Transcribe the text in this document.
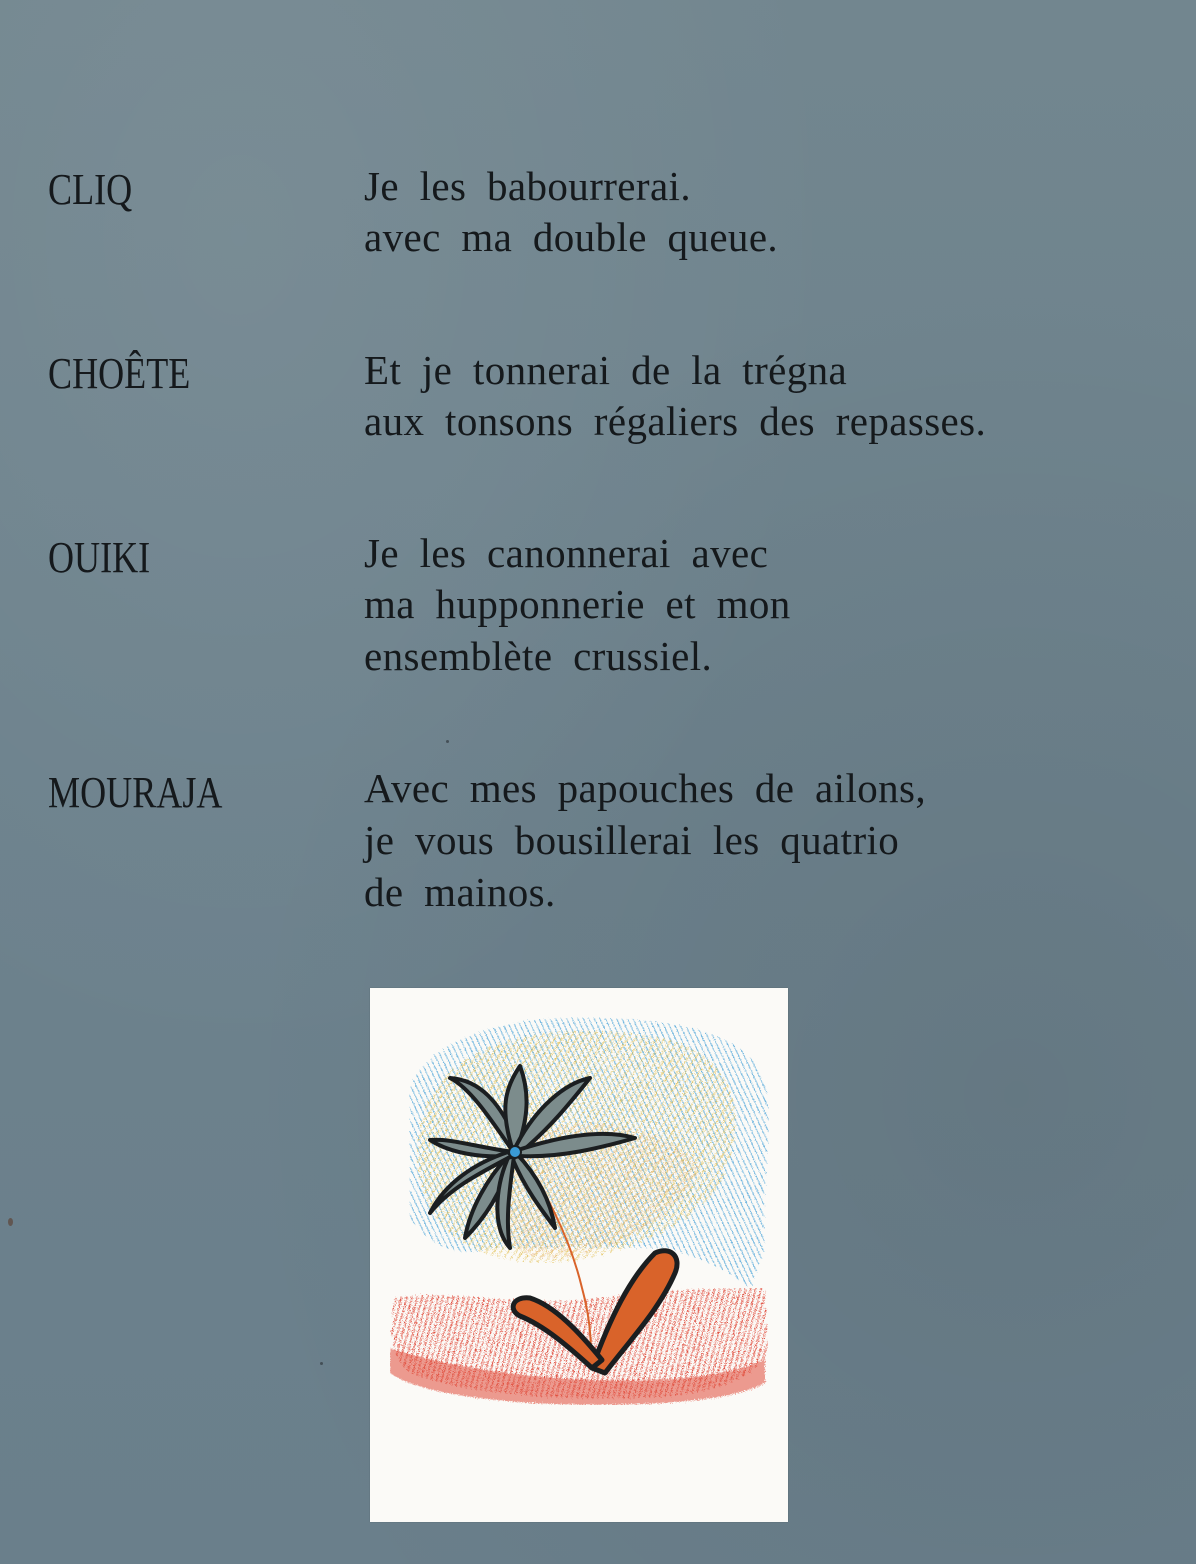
CLIQ	Je les babourrerai.
avec ma double queue.
CHOÊTE	Et je tonnerai de la trégna
aux tonsons régaliers des repasses.
OUIKI	Je les canonnerai avec
ma hupponnerie et mon
ensemblète crussiel.
MOURAJA	Avec mes papouches de ailons,
je vous bousillerai les quatrio
de mainos.
